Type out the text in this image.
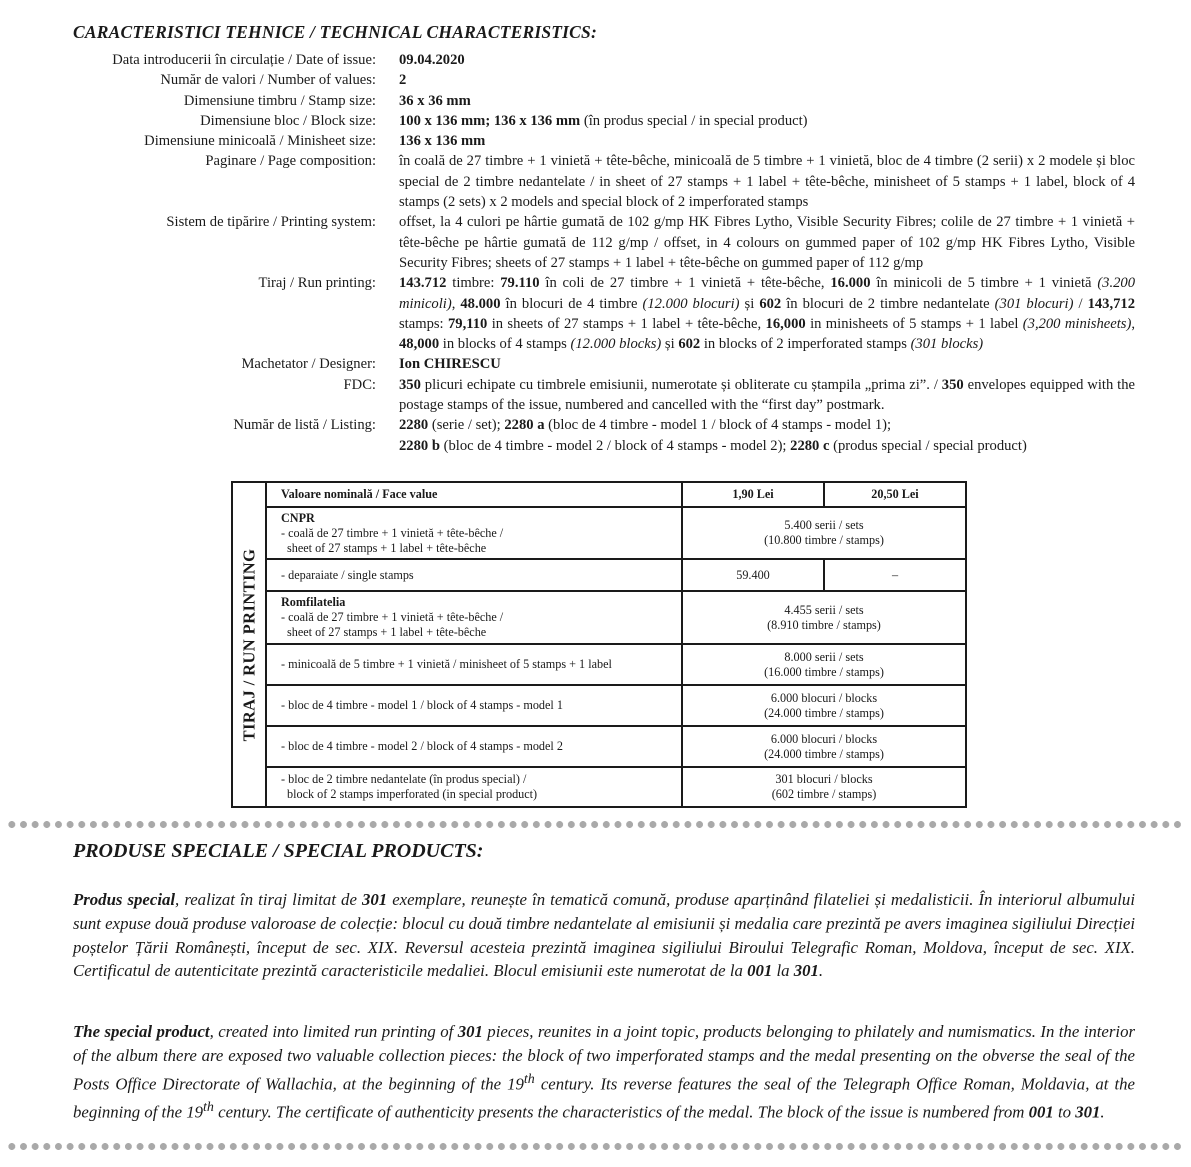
CARACTERISTICI TEHNICE / TECHNICAL CHARACTERISTICS:
Data introducerii în circulație / Date of issue: 09.04.2020
Număr de valori / Number of values: 2
Dimensiune timbru / Stamp size: 36 x 36 mm
Dimensiune bloc / Block size: 100 x 136 mm; 136 x 136 mm (în produs special / in special product)
Dimensiune minicoală / Minisheet size: 136 x 136 mm
Paginare / Page composition: în coală de 27 timbre + 1 vinietă + tête-bêche, minicoală de 5 timbre + 1 vinietă, bloc de 4 timbre (2 serii) x 2 modele și bloc special de 2 timbre nedantelate / in sheet of 27 stamps + 1 label + tête-bêche, minisheet of 5 stamps + 1 label, block of 4 stamps (2 sets) x 2 models and special block of 2 imperforated stamps
Sistem de tipărire / Printing system: offset, la 4 culori pe hârtie gumată de 102 g/mp HK Fibres Lytho, Visible Security Fibres; colile de 27 timbre + 1 vinietă + tête-bêche pe hârtie gumată de 112 g/mp / offset, in 4 colours on gummed paper of 102 g/mp HK Fibres Lytho, Visible Security Fibres; sheets of 27 stamps + 1 label + tête-bêche on gummed paper of 112 g/mp
Tiraj / Run printing: 143.712 timbre: 79.110 în coli de 27 timbre + 1 vinietă + tête-bêche, 16.000 în minicoli de 5 timbre + 1 vinietă (3.200 minicoli), 48.000 în blocuri de 4 timbre (12.000 blocuri) și 602 în blocuri de 2 timbre nedantelate (301 blocuri) / 143,712 stamps: 79,110 in sheets of 27 stamps + 1 label + tête-bêche, 16,000 in minisheets of 5 stamps + 1 label (3,200 minisheets), 48,000 in blocks of 4 stamps (12.000 blocks) și 602 in blocks of 2 imperforated stamps (301 blocks)
Machetator / Designer: Ion CHIRESCU
FDC: 350 plicuri echipate cu timbrele emisiunii, numerotate și obliterate cu ștampila „prima zi”. / 350 envelopes equipped with the postage stamps of the issue, numbered and cancelled with the “first day” postmark.
Număr de listă / Listing: 2280 (serie / set); 2280 a (bloc de 4 timbre - model 1 / block of 4 stamps - model 1);
2280 b (bloc de 4 timbre - model 2 / block of 4 stamps - model 2); 2280 c (produs special / special product)
TIRAJ / RUN PRINTING	Valoare nominală / Face value	1,90 Lei	20,50 Lei
	CNPR
- coală de 27 timbre + 1 vinietă + tête-bêche /

sheet of 27 stamps + 1 label + tête-bêche	5.400 serii / sets
(10.800 timbre / stamps)	
	- deparaiate / single stamps	59.400	–
	Romfilatelia
- coală de 27 timbre + 1 vinietă + tête-bêche /

sheet of 27 stamps + 1 label + tête-bêche	4.455 serii / sets
(8.910 timbre / stamps)	
	- minicoală de 5 timbre + 1 vinietă / minisheet of 5 stamps + 1 label	8.000 serii / sets
(16.000 timbre / stamps)	
	- bloc de 4 timbre - model 1 / block of 4 stamps - model 1	6.000 blocuri / blocks
(24.000 timbre / stamps)	
	- bloc de 4 timbre - model 2 / block of 4 stamps - model 2	6.000 blocuri / blocks
(24.000 timbre / stamps)	
	- bloc de 2 timbre nedantelate (în produs special) /

block of 2 stamps imperforated (in special product)	301 blocuri / blocks
(602 timbre / stamps)	
PRODUSE SPECIALE / SPECIAL PRODUCTS:
Produs special, realizat în tiraj limitat de 301 exemplare, reunește în tematică comună, produse aparținând filateliei și medalisticii. În interiorul albumului sunt expuse două produse valoroase de colecție: blocul cu două timbre nedantelate al emisiunii și medalia care prezintă pe avers imaginea sigiliului Direcției poștelor Țării Românești, început de sec. XIX. Reversul acesteia prezintă imaginea sigiliului Biroului Telegrafic Roman, Moldova, început de sec. XIX. Certificatul de autenticitate prezintă caracteristicile medaliei. Blocul emisiunii este numerotat de la 001 la 301.
The special product, created into limited run printing of 301 pieces, reunites in a joint topic, products belonging to philately and numismatics. In the interior of the album there are exposed two valuable collection pieces: the block of two imperforated stamps and the medal presenting on the obverse the seal of the Posts Office Directorate of Wallachia, at the beginning of the 19th century. Its reverse features the seal of the Telegraph Office Roman, Moldavia, at the beginning of the 19th century. The certificate of authenticity presents the characteristics of the medal. The block of the issue is numbered from 001 to 301.
